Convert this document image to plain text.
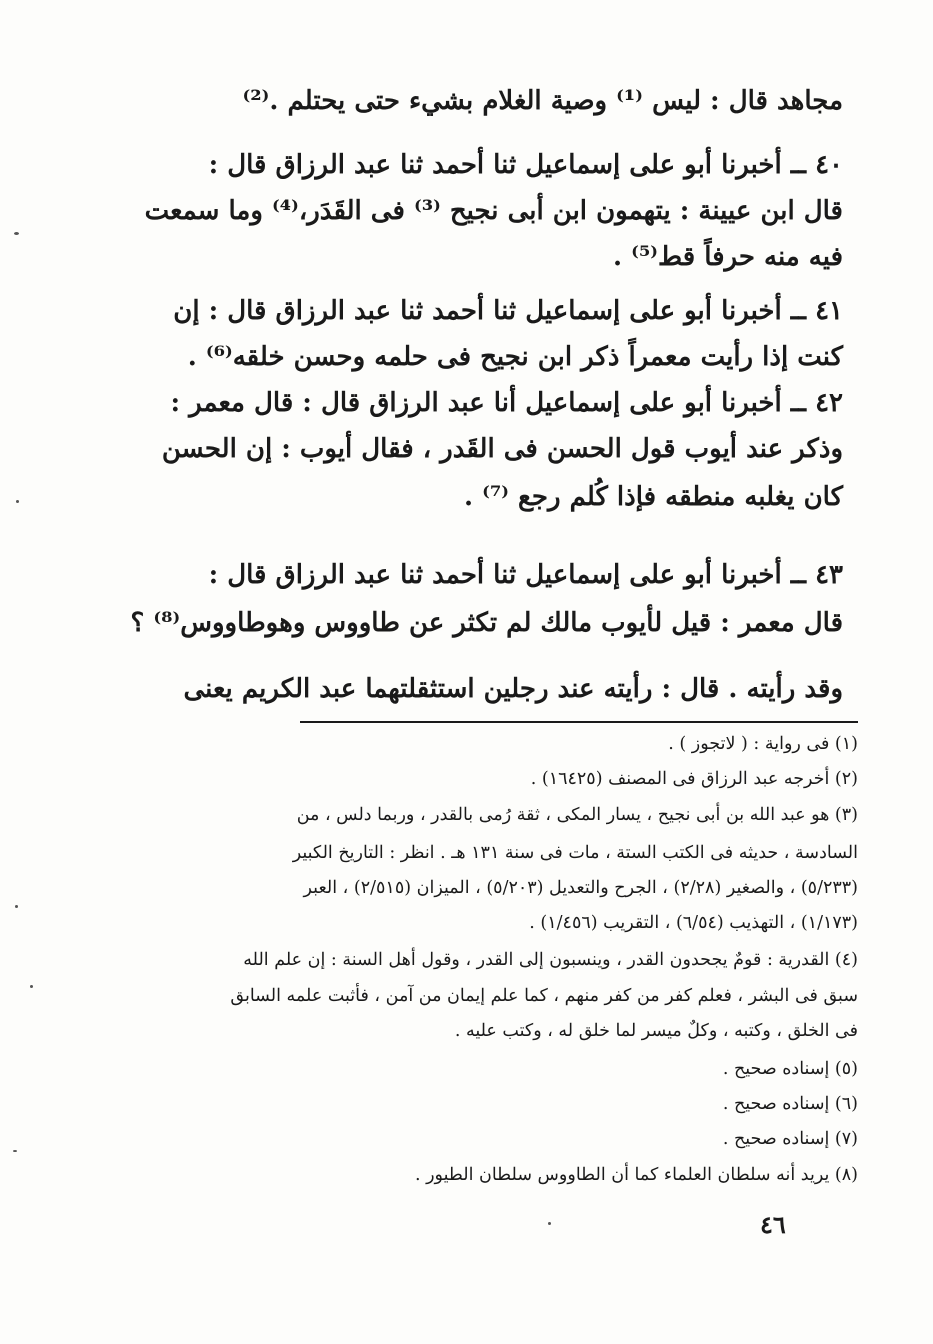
مجاهد قال : ليس ⁽¹⁾ وصية الغلام بشيء حتى يحتلم .⁽²⁾
٤٠ ــ أخبرنا أبو على إسماعيل ثنا أحمد ثنا عبد الرزاق قال :
قال ابن عيينة : يتهمون ابن أبى نجيح ⁽³⁾ فى القَدَر،⁽⁴⁾ وما سمعت
فيه منه حرفاً قط⁽⁵⁾ .
٤١ ــ أخبرنا أبو على إسماعيل ثنا أحمد ثنا عبد الرزاق قال : إن
كنت إذا رأيت معمراً ذكر ابن نجيح فى حلمه وحسن خلقه⁽⁶⁾ .
٤٢ ــ أخبرنا أبو على إسماعيل أنا عبد الرزاق قال : قال معمر :
وذكر عند أيوب قول الحسن فى القَدر ، فقال أيوب : إن الحسن
كان يغلبه منطقه فإذا كُلم رجع ⁽⁷⁾ .
٤٣ ــ أخبرنا أبو على إسماعيل ثنا أحمد ثنا عبد الرزاق قال :
قال معمر : قيل لأيوب مالك لم تكثر عن طاووس وهوطاووس⁽⁸⁾ ؟
وقد رأيته . قال : رأيته عند رجلين استثقلتهما عبد الكريم يعنى
(١) فى رواية : ( لاتجوز ) .
(٢) أخرجه عبد الرزاق فى المصنف (١٦٤٢٥) .
(٣) هو عبد الله بن أبى نجيح ، يسار المكى ، ثقة رُمى بالقدر ، وربما دلس ، من
السادسة ، حديثه فى الكتب الستة ، مات فى سنة ١٣١ هـ . انظر : التاريخ الكبير
(٥/٢٣٣) ، والصغير (٢/٢٨) ، الجرح والتعديل (٥/٢٠٣) ، الميزان (٢/٥١٥) ، العبر
(١/١٧٣) ، التهذيب (٦/٥٤) ، التقريب (١/٤٥٦) .
(٤) القدرية : قومٌ يجحدون القدر ، وينسبون إلى القدر ، وقول أهل السنة : إن علم الله
سبق فى البشر ، فعلم كفر من كفر منهم ، كما علم إيمان من آمن ، فأثبت علمه السابق
فى الخلق ، وكتبه ، وكلٌ ميسر لما خلق له ، وكتب عليه .
(٥) إسناده صحيح .
(٦) إسناده صحيح .
(٧) إسناده صحيح .
(٨) يريد أنه سلطان العلماء كما أن الطاووس سلطان الطيور .
٤٦
